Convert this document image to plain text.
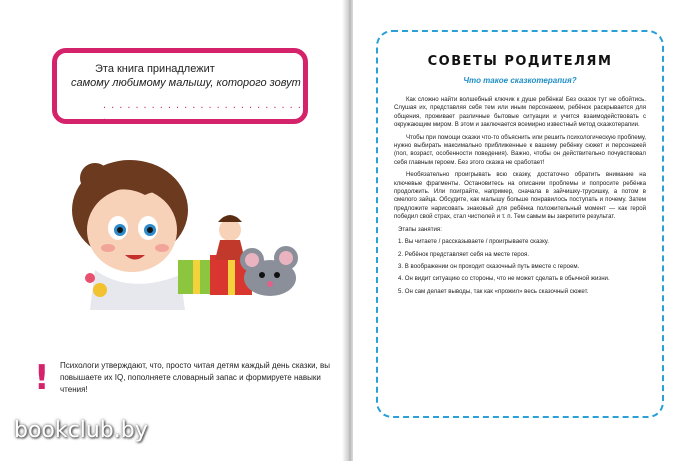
Эта книга принадлежит
самому любимому малышу, которого зовут
. . . . . . . . . . . . . . . . . . . . . . . . . .
! Психологи утверждают, что, просто читая детям каждый день сказки, вы повышаете их IQ, пополняете словарный запас и формируете навыки чтения!
bookclub.by
СОВЕТЫ РОДИТЕЛЯМ
Что такое сказкотерапия?

Как сложно найти волшебный ключик к душе ребёнка! Без сказок тут не обойтись. Слушая их, представляя себя тем или иным персонажем, ребёнок раскрывается для общения, проживает различные бытовые ситуации и учится взаимодействовать с окружающим миром. В этом и заключается всемирно известный метод сказкотерапии.

Чтобы при помощи сказки что-то объяснить или решить психологическую проблему, нужно выбирать максимально приближенные к вашему ребёнку сюжет и персонажей (пол, возраст, особенности поведения). Важно, чтобы он действительно почувствовал себя главным героем. Без этого сказка не сработает!

Необязательно проигрывать всю сказку, достаточно обратить внимание на ключевые фрагменты. Остановитесь на описании проблемы и попросите ребёнка продолжить. Или поиграйте, например, сначала в зайчишку-трусишку, а потом в смелого зайца. Обсудите, как малышу больше понравилось поступать и почему. Затем предложите нарисовать знаковый для ребёнка положительный момент — как герой победил свой страх, стал чистюлей и т. п. Тем самым вы закрепите результат.

Этапы занятия:

1. Вы читаете / рассказываете / проигрываете сказку.

2. Ребёнок представляет себя на месте героя.

3. В воображении он проходит сказочный путь вместе с героем.

4. Он видит ситуацию со стороны, что не может сделать в обычной жизни.

5. Он сам делает выводы, так как «прожил» весь сказочный сюжет.
